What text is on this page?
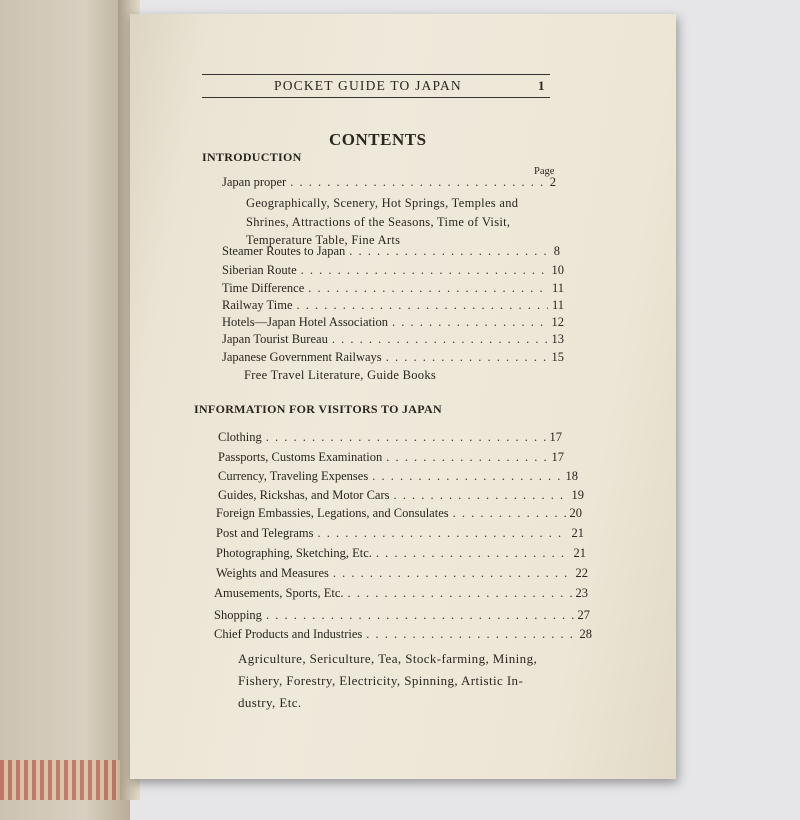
POCKET GUIDE TO JAPAN	1
CONTENTS
INTRODUCTION
Page
Japan proper . . .	2
Geographically, Scenery, Hot Springs, Temples and
Shrines, Attractions of the Seasons, Time of Visit,
Temperature Table, Fine Arts
Steamer Routes to Japan . . .	8
Siberian Route . . .	10
Time Difference . . .	11
Railway Time . . .	11
Hotels—Japan Hotel Association . . .	12
Japan Tourist Bureau . . .	13
Japanese Government Railways . . .	15
Free Travel Literature, Guide Books
INFORMATION FOR VISITORS TO JAPAN
Clothing . . .	17
Passports, Customs Examination . . .	17
Currency, Traveling Expenses . . .	18
Guides, Rickshas, and Motor Cars . . .	19
Foreign Embassies, Legations, and Consulates . . .	20
Post and Telegrams . . .	21
Photographing, Sketching, Etc. . . .	21
Weights and Measures . . .	22
Amusements, Sports, Etc. . . .	23
Shopping . . .	27
Chief Products and Industries . . .	28
Agriculture, Sericulture, Tea, Stock-farming, Mining,
Fishery, Forestry, Electricity, Spinning, Artistic In-
dustry, Etc.
